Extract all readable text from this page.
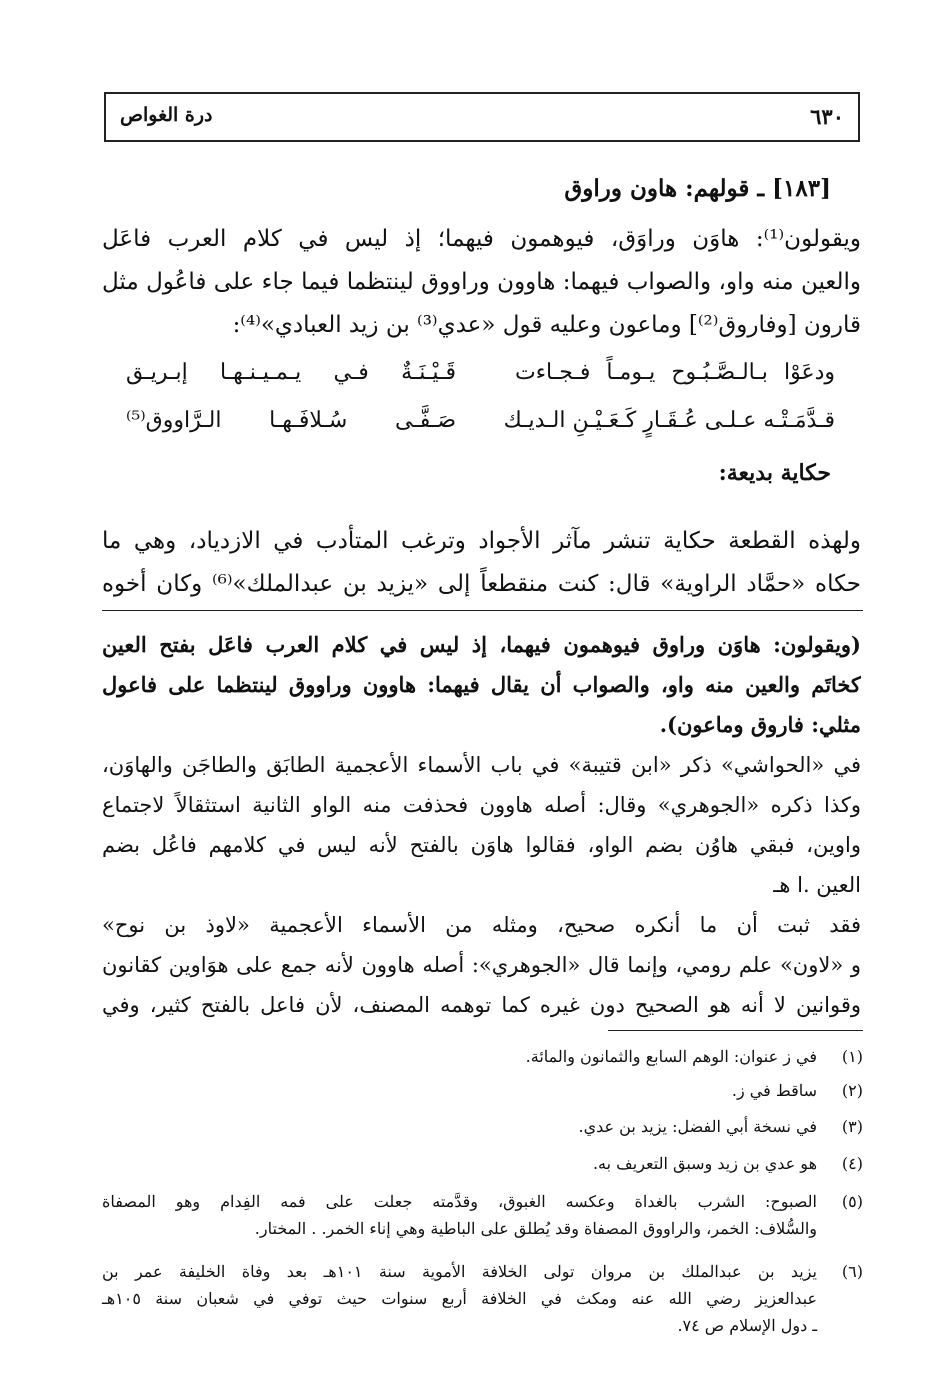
٦٣٠
درة الغواص
[١٨٣] ـ قولهم: هاون وراوق
ويقولون⁽¹⁾: هاوَن وراوَق، فيوهمون فيهما؛ إذ ليس في كلام العرب فاعَل
والعين منه واو، والصواب فيهما: هاوون وراووق لينتظما فيما جاء على فاعُول مثل
قارون [وفاروق⁽²⁾] وماعون وعليه قول «عدي⁽³⁾ بن زيد العبادي»⁽⁴⁾:
ودعَوْا بـالـصَّـبُـوح يـومـاً فـجـاءت
قَـيْـنَـةٌ فـي يـمـيـنـهـا إبـريـق
قـدَّمَـتْـه عـلـى عُـقَـارٍ كَـعَـيْـنِ الـديـك
صَـفَّـى سُـلافَـهـا الـرَّاووق⁽⁵⁾
حكاية بديعة:
ولهذه القطعة حكاية تنشر مآثر الأجواد وترغب المتأدب في الازدياد، وهي ما
حكاه «حمَّاد الراوية» قال: كنت منقطعاً إلى «يزيد بن عبدالملك»⁽⁶⁾ وكان أخوه
(ويقولون: هاوَن وراوق فيوهمون فيهما، إذ ليس في كلام العرب فاعَل بفتح العين
كخاتَم والعين منه واو، والصواب أن يقال فيهما: هاوون وراووق لينتظما على فاعول
مثلي: فاروق وماعون).
في «الحواشي» ذكر «ابن قتيبة» في باب الأسماء الأعجمية الطابَق والطاجَن والهاوَن،
وكذا ذكره «الجوهري» وقال: أصله هاوون فحذفت منه الواو الثانية استثقالاً لاجتماع
واوين، فبقي هاوُن بضم الواو، فقالوا هاوَن بالفتح لأنه ليس في كلامهم فاعُل بضم
العين .ا هـ
فقد ثبت أن ما أنكره صحيح، ومثله من الأسماء الأعجمية «لاوذ بن نوح»
و «لاون» علم رومي، وإنما قال «الجوهري»: أصله هاوون لأنه جمع على هوَاوين كقانون
وقوانين لا أنه هو الصحيح دون غيره كما توهمه المصنف، لأن فاعل بالفتح كثير، وفي
(١)
في ز عنوان: الوهم السابع والثمانون والمائة.
(٢)
ساقط في ز.
(٣)
في نسخة أبي الفضل: يزيد بن عدي.
(٤)
هو عدي بن زيد وسبق التعريف به.
(٥)
الصبوح: الشرب بالغداة وعكسه الغبوق، وقدَّمته جعلت على فمه الفِدام وهو المصفاة
والسُّلاف: الخمر، والراووق المصفاة وقد يُطلق على الباطية وهي إناء الخمر. . المختار.
(٦)
يزيد بن عبدالملك بن مروان تولى الخلافة الأموية سنة ١٠١هـ بعد وفاة الخليفة عمر بن
عبدالعزيز رضي الله عنه ومكث في الخلافة أربع سنوات حيث توفي في شعبان سنة ١٠٥هـ
ـ دول الإسلام ص ٧٤.
